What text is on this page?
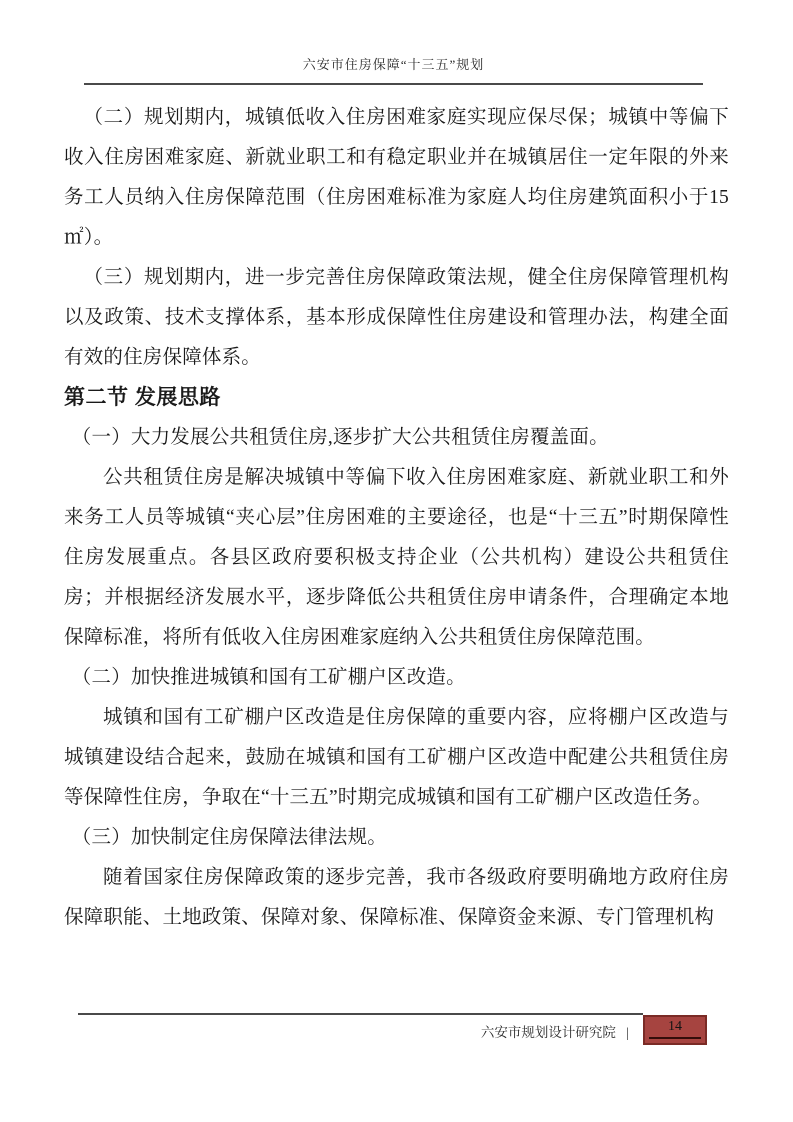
六安市住房保障“十三五”规划

（二）规划期内，城镇低收入住房困难家庭实现应保尽保；城镇中等偏下收入住房困难家庭、新就业职工和有稳定职业并在城镇居住一定年限的外来务工人员纳入住房保障范围（住房困难标准为家庭人均住房建筑面积小于15 ㎡）。

（三）规划期内，进一步完善住房保障政策法规，健全住房保障管理机构以及政策、技术支撑体系，基本形成保障性住房建设和管理办法，构建全面有效的住房保障体系。

第二节 发展思路

（一）大力发展公共租赁住房,逐步扩大公共租赁住房覆盖面。

公共租赁住房是解决城镇中等偏下收入住房困难家庭、新就业职工和外来务工人员等城镇“夹心层”住房困难的主要途径，也是“十三五”时期保障性住房发展重点。各县区政府要积极支持企业（公共机构）建设公共租赁住房；并根据经济发展水平，逐步降低公共租赁住房申请条件，合理确定本地保障标准，将所有低收入住房困难家庭纳入公共租赁住房保障范围。

（二）加快推进城镇和国有工矿棚户区改造。

城镇和国有工矿棚户区改造是住房保障的重要内容，应将棚户区改造与城镇建设结合起来，鼓励在城镇和国有工矿棚户区改造中配建公共租赁住房等保障性住房，争取在“十三五”时期完成城镇和国有工矿棚户区改造任务。

（三）加快制定住房保障法律法规。

随着国家住房保障政策的逐步完善，我市各级政府要明确地方政府住房保障职能、土地政策、保障对象、保障标准、保障资金来源、专门管理机构

六安市规划设计研究院 |	14
